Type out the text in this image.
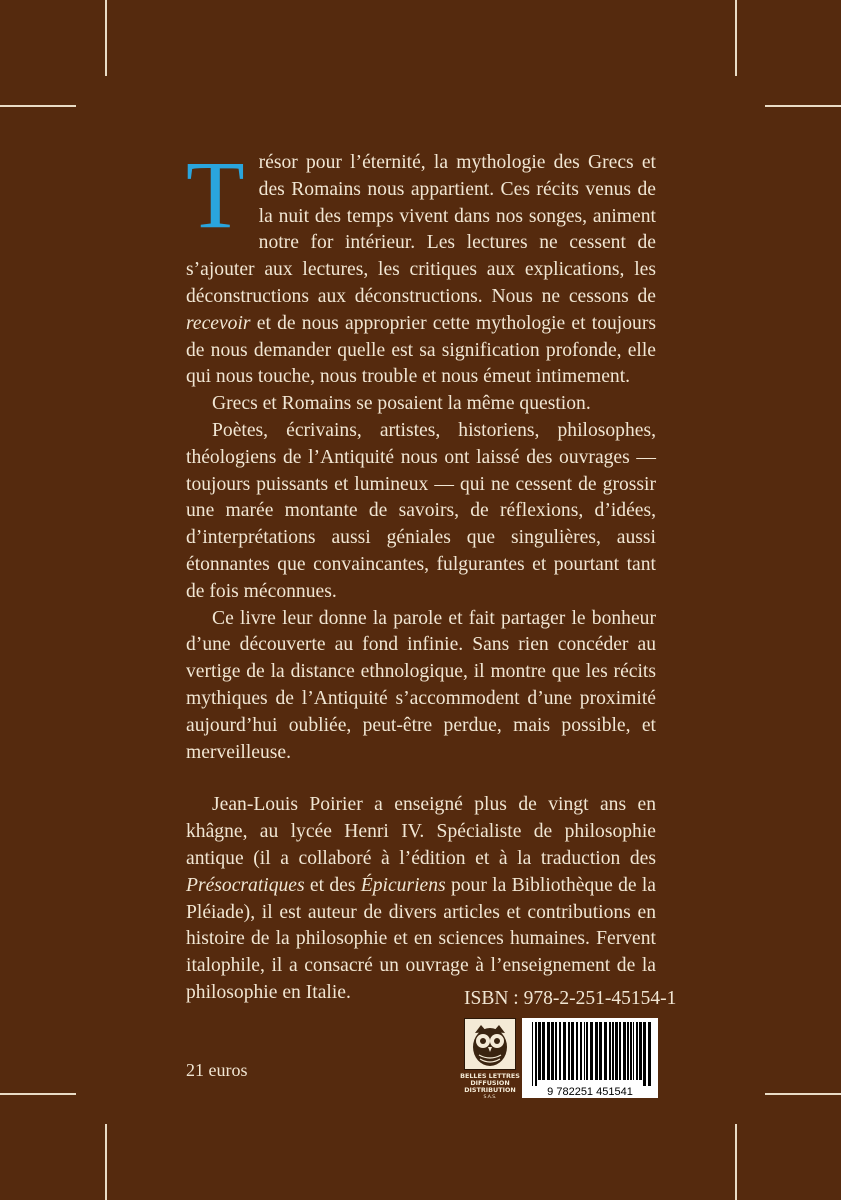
Trésor pour l’éternité, la mythologie des Grecs et des Romains nous appartient. Ces récits venus de la nuit des temps vivent dans nos songes, animent notre for intérieur. Les lectures ne cessent de s’ajouter aux lectures, les critiques aux explications, les déconstructions aux déconstructions. Nous ne cessons de recevoir et de nous approprier cette mythologie et toujours de nous demander quelle est sa signification profonde, elle qui nous touche, nous trouble et nous émeut intimement.

Grecs et Romains se posaient la même question.

Poètes, écrivains, artistes, historiens, philosophes, théologiens de l’Antiquité nous ont laissé des ouvrages — toujours puissants et lumineux — qui ne cessent de grossir une marée montante de savoirs, de réflexions, d’idées, d’interprétations aussi géniales que singulières, aussi étonnantes que convaincantes, fulgurantes et pourtant tant de fois méconnues.

Ce livre leur donne la parole et fait partager le bonheur d’une découverte au fond infinie. Sans rien concéder au vertige de la distance ethnologique, il montre que les récits mythiques de l’Antiquité s’accommodent d’une proximité aujourd’hui oubliée, peut-être perdue, mais possible, et merveilleuse.

Jean-Louis Poirier a enseigné plus de vingt ans en khâgne, au lycée Henri IV. Spécialiste de philosophie antique (il a collaboré à l’édition et à la traduction des Présocratiques et des Épicuriens pour la Bibliothèque de la Pléiade), il est auteur de divers articles et contributions en histoire de la philosophie et en sciences humaines. Fervent italophile, il a consacré un ouvrage à l’enseignement de la philosophie en Italie.	ISBN : 978-2-251-45154-1
BELLES LETTRES
DIFFUSION
DISTRIBUTION
S.A.S.	9 782251 451541
21 euros
